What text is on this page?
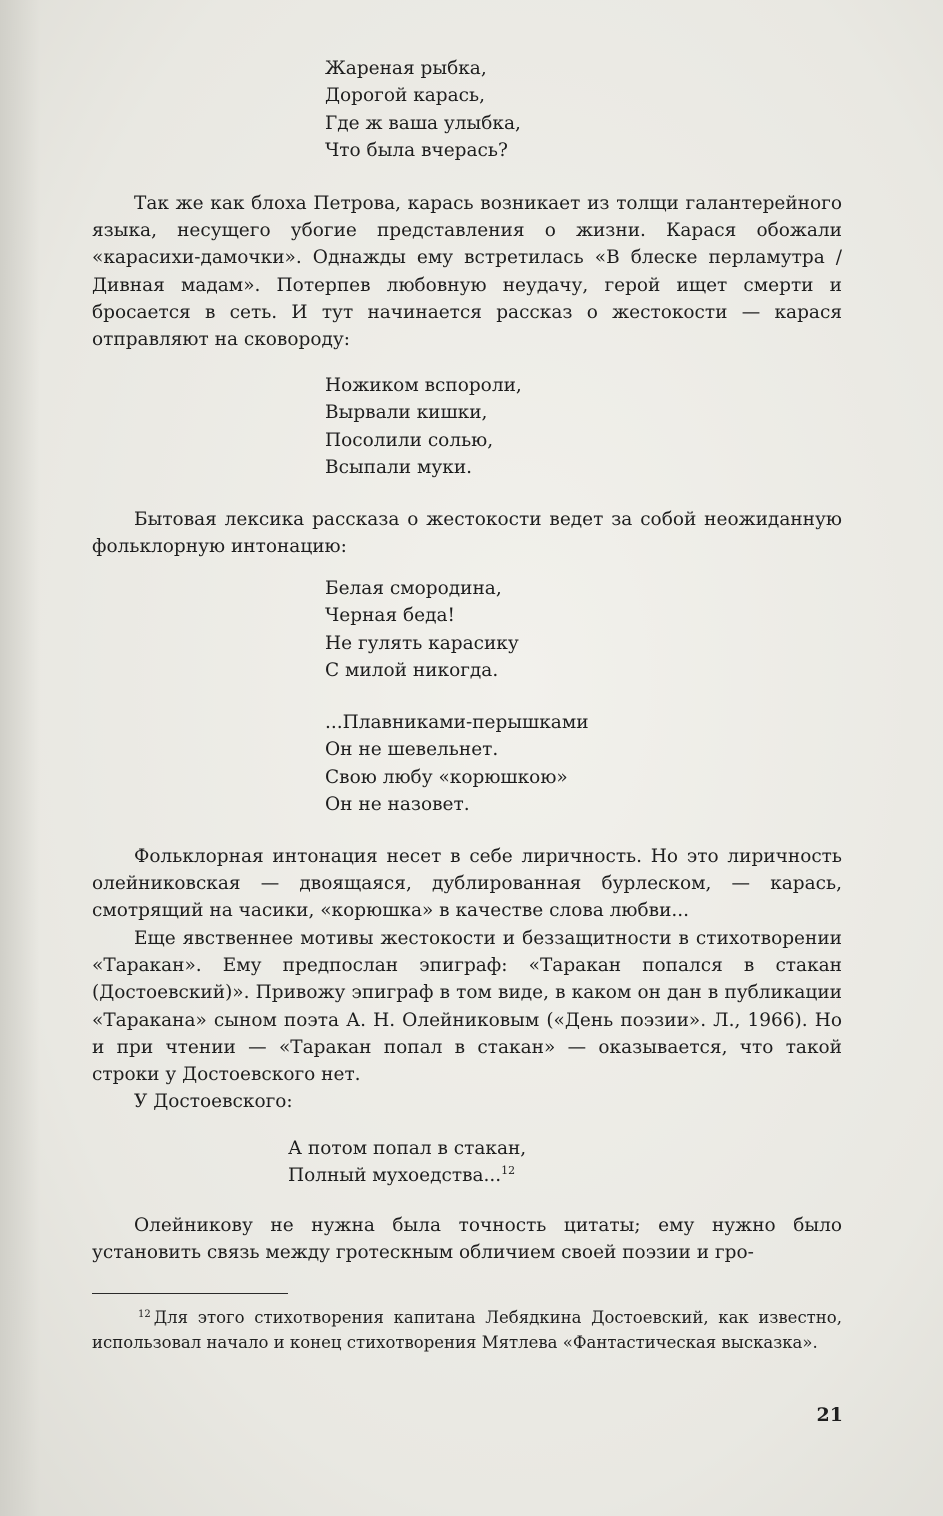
Жареная рыбка,
Дорогой карась,
Где ж ваша улыбка,
Что была вчерась?

Так же как блоха Петрова, карась возникает из толщи галантерейного языка, несущего убогие представления о жизни. Карася обожали «карасихи-дамочки». Однажды ему встретилась «В блеске перламутра / Дивная мадам». Потерпев любовную неудачу, герой ищет смерти и бросается в сеть. И тут начинается рассказ о жестокости — карася отправляют на сковороду:

Ножиком вспороли,
Вырвали кишки,
Посолили солью,
Всыпали муки.

Бытовая лексика рассказа о жестокости ведет за собой неожиданную фольклорную интонацию:

Белая смородина,
Черная беда!
Не гулять карасику
С милой никогда.
...Плавниками-перышками
Он не шевельнет.
Свою любу «корюшкою»
Он не назовет.

Фольклорная интонация несет в себе лиричность. Но это лиричность олейниковская — двоящаяся, дублированная бурлеском, — карась, смотрящий на часики, «корюшка» в качестве слова любви...

Еще явственнее мотивы жестокости и беззащитности в стихотворении «Таракан». Ему предпослан эпиграф: «Таракан попался в стакан (Достоевский)». Привожу эпиграф в том виде, в каком он дан в публикации «Таракана» сыном поэта А. Н. Олейниковым («День поэзии». Л., 1966). Но и при чтении — «Таракан попал в стакан» — оказывается, что такой строки у Достоевского нет.

У Достоевского:

А потом попал в стакан,
Полный мухоедства...$^{12}$

Олейникову не нужна была точность цитаты; ему нужно было установить связь между гротескным обличием своей поэзии и гро-

$^{12}$ Для этого стихотворения капитана Лебядкина Достоевский, как известно, использовал начало и конец стихотворения Мятлева «Фантастическая высказка».

21
